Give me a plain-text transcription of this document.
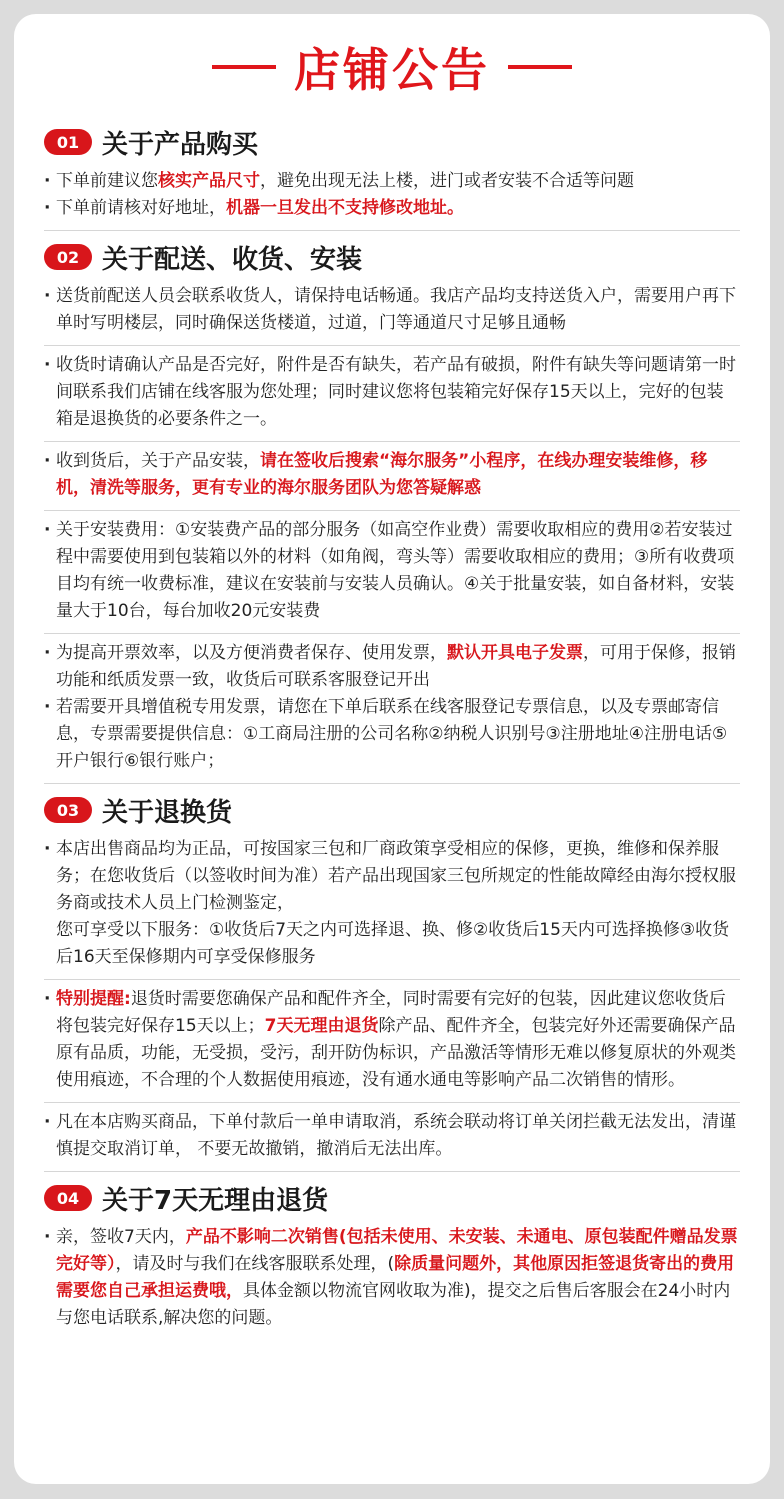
店铺公告
01 关于产品购买
· 下单前建议您核实产品尺寸，避免出现无法上楼，进门或者安装不合适等问题
· 下单前请核对好地址，机器一旦发出不支持修改地址。
02 关于配送、收货、安装
· 送货前配送人员会联系收货人，请保持电话畅通。我店产品均支持送货入户，需要用户再下单时写明楼层，同时确保送货楼道，过道，门等通道尺寸足够且通畅
· 收货时请确认产品是否完好，附件是否有缺失，若产品有破损，附件有缺失等问题请第一时间联系我们店铺在线客服为您处理；同时建议您将包装箱完好保存15天以上，完好的包装箱是退换货的必要条件之一。
· 收到货后，关于产品安装，请在签收后搜索“海尔服务”小程序，在线办理安装维修，移机，清洗等服务，更有专业的海尔服务团队为您答疑解惑
· 关于安装费用：①安装费产品的部分服务（如高空作业费）需要收取相应的费用②若安装过程中需要使用到包装箱以外的材料（如角阀，弯头等）需要收取相应的费用；③所有收费项目均有统一收费标准，建议在安装前与安装人员确认。④关于批量安装，如自备材料，安装量大于10台，每台加收20元安装费
· 为提高开票效率，以及方便消费者保存、使用发票，默认开具电子发票，可用于保修，报销功能和纸质发票一致，收货后可联系客服登记开出
· 若需要开具增值税专用发票，请您在下单后联系在线客服登记专票信息，以及专票邮寄信息，专票需要提供信息：①工商局注册的公司名称②纳税人识别号③注册地址④注册电话⑤开户银行⑥银行账户；
03 关于退换货
· 本店出售商品均为正品，可按国家三包和厂商政策享受相应的保修，更换，维修和保养服务；在您收货后（以签收时间为准）若产品出现国家三包所规定的性能故障经由海尔授权服务商或技术人员上门检测鉴定，
您可享受以下服务：①收货后7天之内可选择退、换、修②收货后15天内可选择换修③收货后16天至保修期内可享受保修服务
· 特别提醒:退货时需要您确保产品和配件齐全，同时需要有完好的包装，因此建议您收货后将包装完好保存15天以上；7天无理由退货除产品、配件齐全，包装完好外还需要确保产品原有品质，功能，无受损，受污，刮开防伪标识，产品激活等情形无难以修复原状的外观类使用痕迹，不合理的个人数据使用痕迹，没有通水通电等影响产品二次销售的情形。
· 凡在本店购买商品，下单付款后一单申请取消，系统会联动将订单关闭拦截无法发出，清谨慎提交取消订单， 不要无故撤销，撤消后无法出库。
04 关于7天无理由退货
· 亲，签收7天内，产品不影响二次销售(包括未使用、未安装、未通电、原包装配件赠品发票完好等），请及时与我们在线客服联系处理，(除质量问题外，其他原因拒签退货寄出的费用需要您自己承担运费哦，具体金额以物流官网收取为准)，提交之后售后客服会在24小时内与您电话联系,解决您的问题。
